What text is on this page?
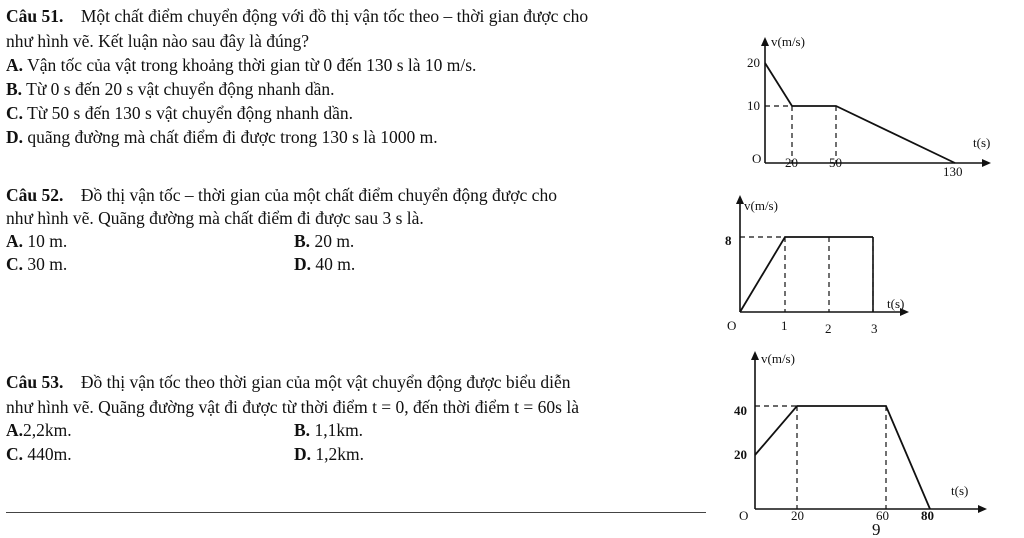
Câu 51. Một chất điểm chuyển động với đồ thị vận tốc theo – thời gian được cho
như hình vẽ. Kết luận nào sau đây là đúng?
A. Vận tốc của vật trong khoảng thời gian từ 0 đến 130 s là 10 m/s.
B. Từ 0 s đến 20 s vật chuyển động nhanh dần.
C. Từ 50 s đến 130 s vật chuyển động nhanh dần.
D. quãng đường mà chất điểm đi được trong 130 s là 1000 m.
v(m/s)
20
10
O 20 50
130
t(s)
Câu 52. Đồ thị vận tốc – thời gian của một chất điểm chuyển động được cho
như hình vẽ. Quãng đường mà chất điểm đi được sau 3 s là.
A. 10 m.	B. 20 m.
C. 30 m.	D. 40 m.
v(m/s)
8
O	1	2	3
t(s)
Câu 53. Đồ thị vận tốc theo thời gian của một vật chuyển động được biểu diễn
như hình vẽ. Quãng đường vật đi được từ thời điểm t = 0, đến thời điểm t = 60s là
A.2,2km.	B. 1,1km.
C. 440m.	D. 1,2km.
v(m/s)
40
20
O	20	60 80
t(s)
9
